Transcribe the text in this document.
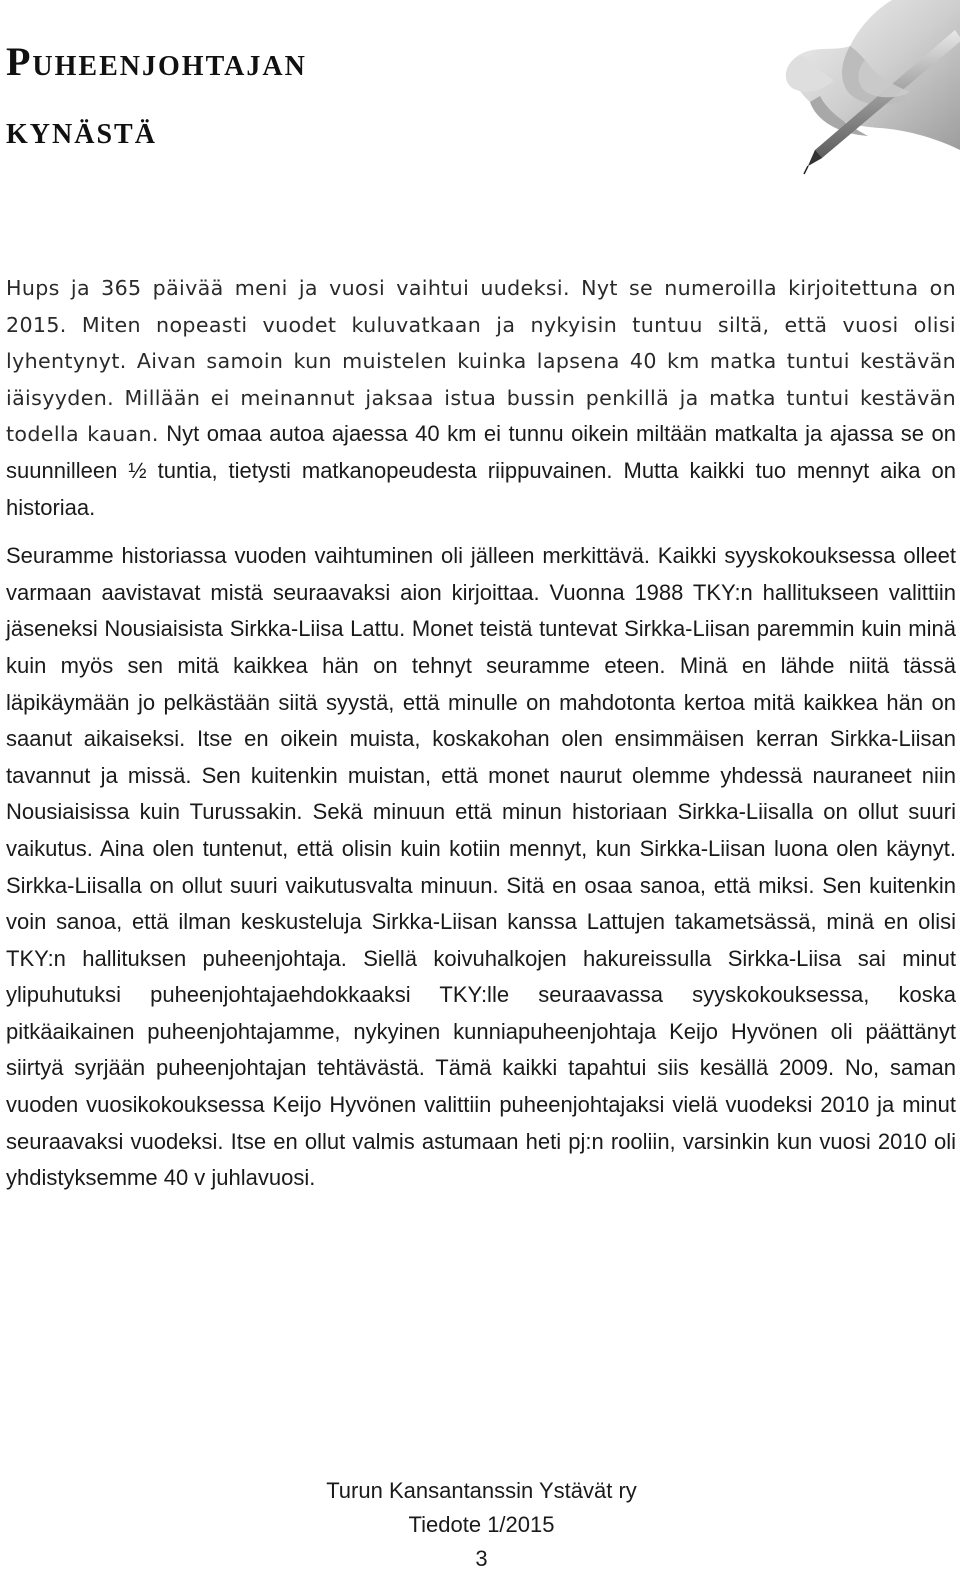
Puheenjohtajan
kynästä

Hups ja 365 päivää meni ja vuosi vaihtui uudeksi. Nyt se numeroilla kirjoitettuna on 2015. Miten nopeasti vuodet kuluvatkaan ja nykyisin tuntuu siltä, että vuosi olisi lyhentynyt. Aivan samoin kun muistelen kuinka lapsena 40 km matka tuntui kestävän iäisyyden. Millään ei meinannut jaksaa istua bussin penkillä ja matka tuntui kestävän todella kauan. Nyt omaa autoa ajaessa 40 km ei tunnu oikein miltään matkalta ja ajassa se on suunnilleen ½ tuntia, tietysti matkanopeudesta riippuvainen. Mutta kaikki tuo mennyt aika on historiaa.

Seuramme historiassa vuoden vaihtuminen oli jälleen merkittävä. Kaikki syyskokouksessa olleet varmaan aavistavat mistä seuraavaksi aion kirjoittaa. Vuonna 1988 TKY:n hallitukseen valittiin jäseneksi Nousiaisista Sirkka-Liisa Lattu. Monet teistä tuntevat Sirkka-Liisan paremmin kuin minä kuin myös sen mitä kaikkea hän on tehnyt seuramme eteen. Minä en lähde niitä tässä läpikäymään jo pelkästään siitä syystä, että minulle on mahdotonta kertoa mitä kaikkea hän on saanut aikaiseksi. Itse en oikein muista, koskakohan olen ensimmäisen kerran Sirkka-Liisan tavannut ja missä. Sen kuitenkin muistan, että monet naurut olemme yhdessä nauraneet niin Nousiaisissa kuin Turussakin. Sekä minuun että minun historiaan Sirkka-Liisalla on ollut suuri vaikutus. Aina olen tuntenut, että olisin kuin kotiin mennyt, kun Sirkka-Liisan luona olen käynyt. Sirkka-Liisalla on ollut suuri vaikutusvalta minuun. Sitä en osaa sanoa, että miksi. Sen kuitenkin voin sanoa, että ilman keskusteluja Sirkka-Liisan kanssa Lattujen takametsässä, minä en olisi TKY:n hallituksen puheenjohtaja. Siellä koivuhalkojen hakureissulla Sirkka-Liisa sai minut ylipuhutuksi puheenjohtajaehdokkaaksi TKY:lle seuraavassa syyskokouksessa, koska pitkäaikainen puheenjohtajamme, nykyinen kunniapuheenjohtaja Keijo Hyvönen oli päättänyt siirtyä syrjään puheenjohtajan tehtävästä. Tämä kaikki tapahtui siis kesällä 2009. No, saman vuoden vuosikokouksessa Keijo Hyvönen valittiin puheenjohtajaksi vielä vuodeksi 2010 ja minut seuraavaksi vuodeksi. Itse en ollut valmis astumaan heti pj:n rooliin, varsinkin kun vuosi 2010 oli yhdistyksemme 40 v juhlavuosi.

Turun Kansantanssin Ystävät ry
Tiedote 1/2015
3
